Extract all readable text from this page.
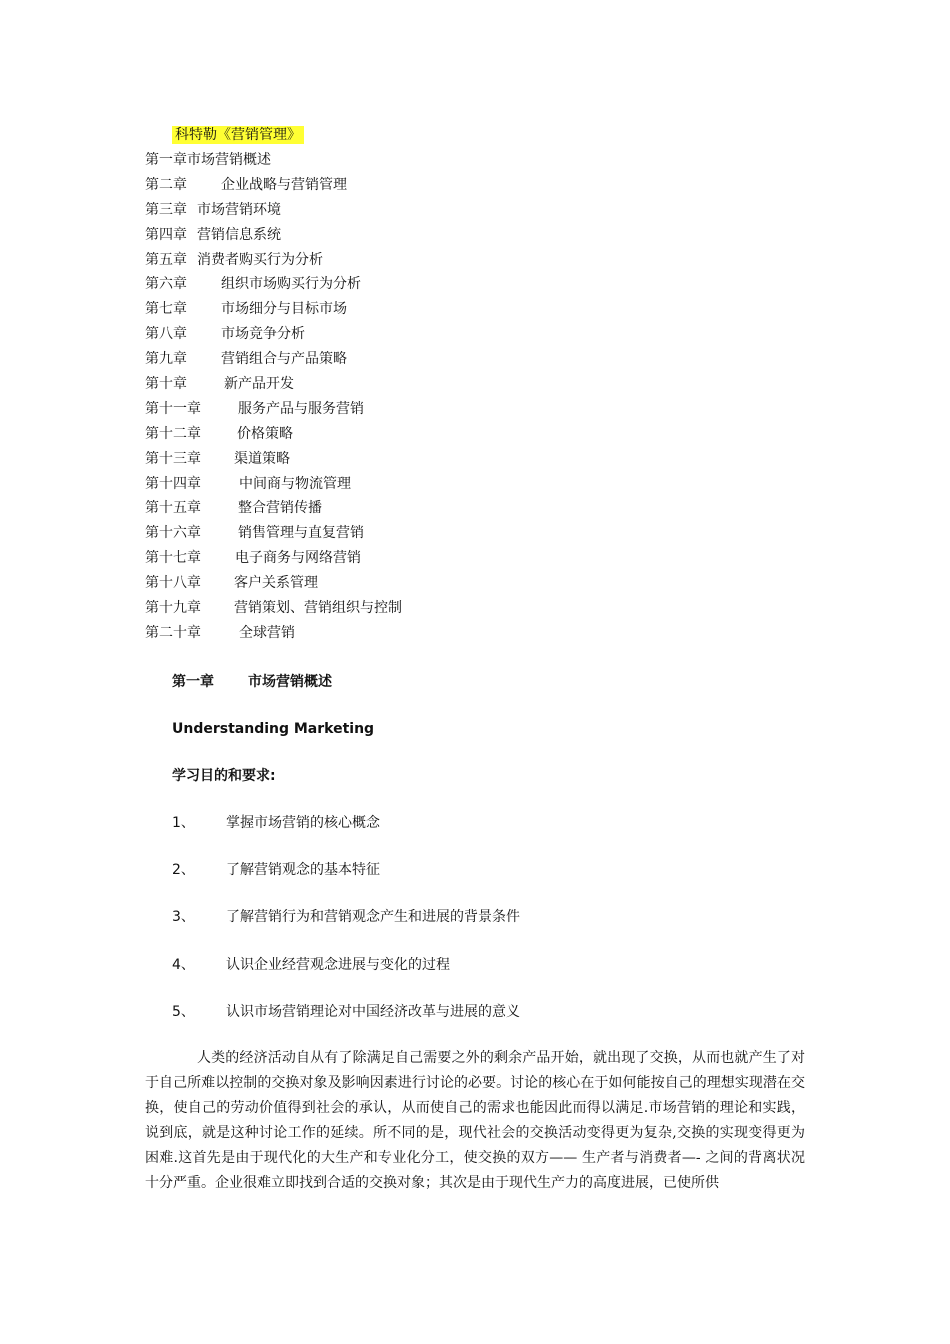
科特勒《营销管理》
第一章市场营销概述
第二章 企业战略与营销管理
第三章 市场营销环境
第四章 营销信息系统
第五章 消费者购买行为分析
第六章 组织市场购买行为分析
第七章 市场细分与目标市场
第八章 市场竞争分析
第九章 营销组合与产品策略
第十章	新产品开发
第十一章	服务产品与服务营销
第十二章	价格策略
第十三章 渠道策略
第十四章	中间商与物流管理
第十五章	整合营销传播
第十六章	销售管理与直复营销
第十七章 电子商务与网络营销
第十八章 客户关系管理
第十九章 营销策划、营销组织与控制
第二十章	全球营销
第一章 市场营销概述
Understanding Marketing
学习目的和要求:
1、 掌握市场营销的核心概念
2、 了解营销观念的基本特征
3、 了解营销行为和营销观念产生和进展的背景条件
4、 认识企业经营观念进展与变化的过程
5、 认识市场营销理论对中国经济改革与进展的意义

人类的经济活动自从有了除满足自己需要之外的剩余产品开始，就出现了交换，从而也就产生了对于自己所难以控制的交换对象及影响因素进行讨论的必要。讨论的核心在于如何能按自己的理想实现潜在交换，使自己的劳动价值得到社会的承认，从而使自己的需求也能因此而得以满足.市场营销的理论和实践，说到底，就是这种讨论工作的延续。所不同的是，现代社会的交换活动变得更为复杂,交换的实现变得更为困难.这首先是由于现代化的大生产和专业化分工，使交换的双方—— 生产者与消费者—- 之间的背离状况十分严重。企业很难立即找到合适的交换对象；其次是由于现代生产力的高度进展，已使所供
